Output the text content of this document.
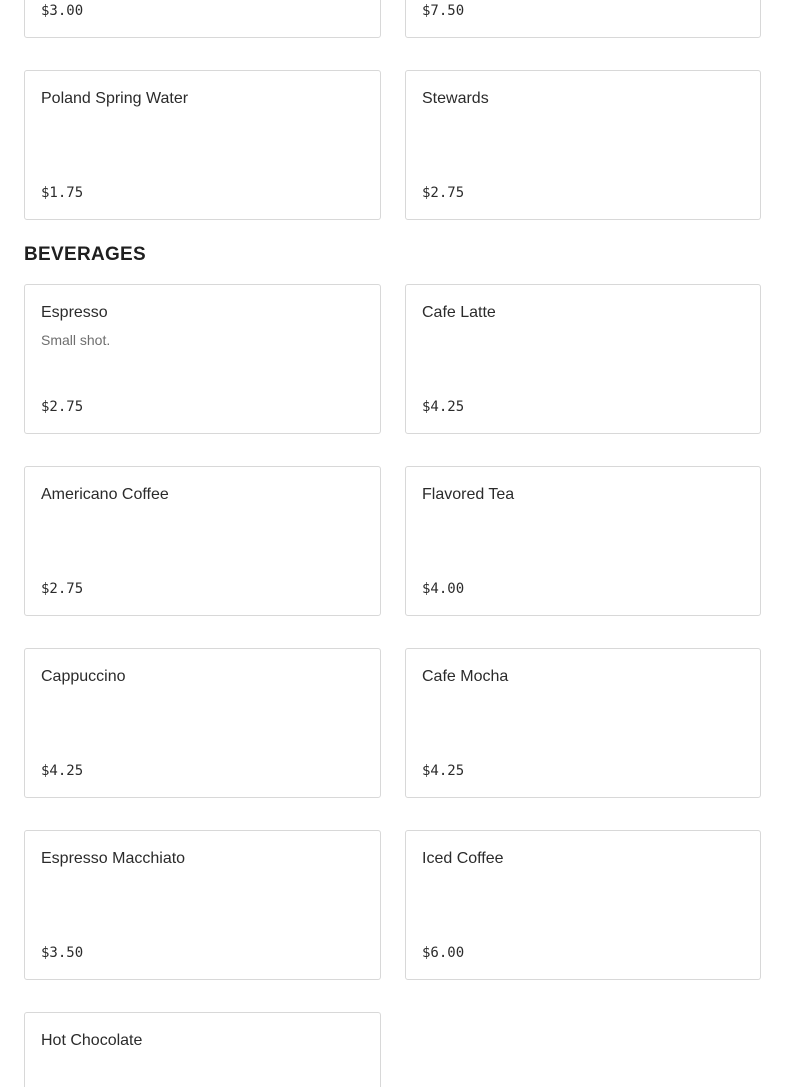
$3.00	$7.50
Poland Spring Water
$1.75
Stewards
$2.75
BEVERAGES
Espresso
Small shot.
$2.75
Cafe Latte
$4.25
Americano Coffee
$2.75
Flavored Tea
$4.00
Cappuccino
$4.25
Cafe Mocha
$4.25
Espresso Macchiato
$3.50
Iced Coffee
$6.00
Hot Chocolate
